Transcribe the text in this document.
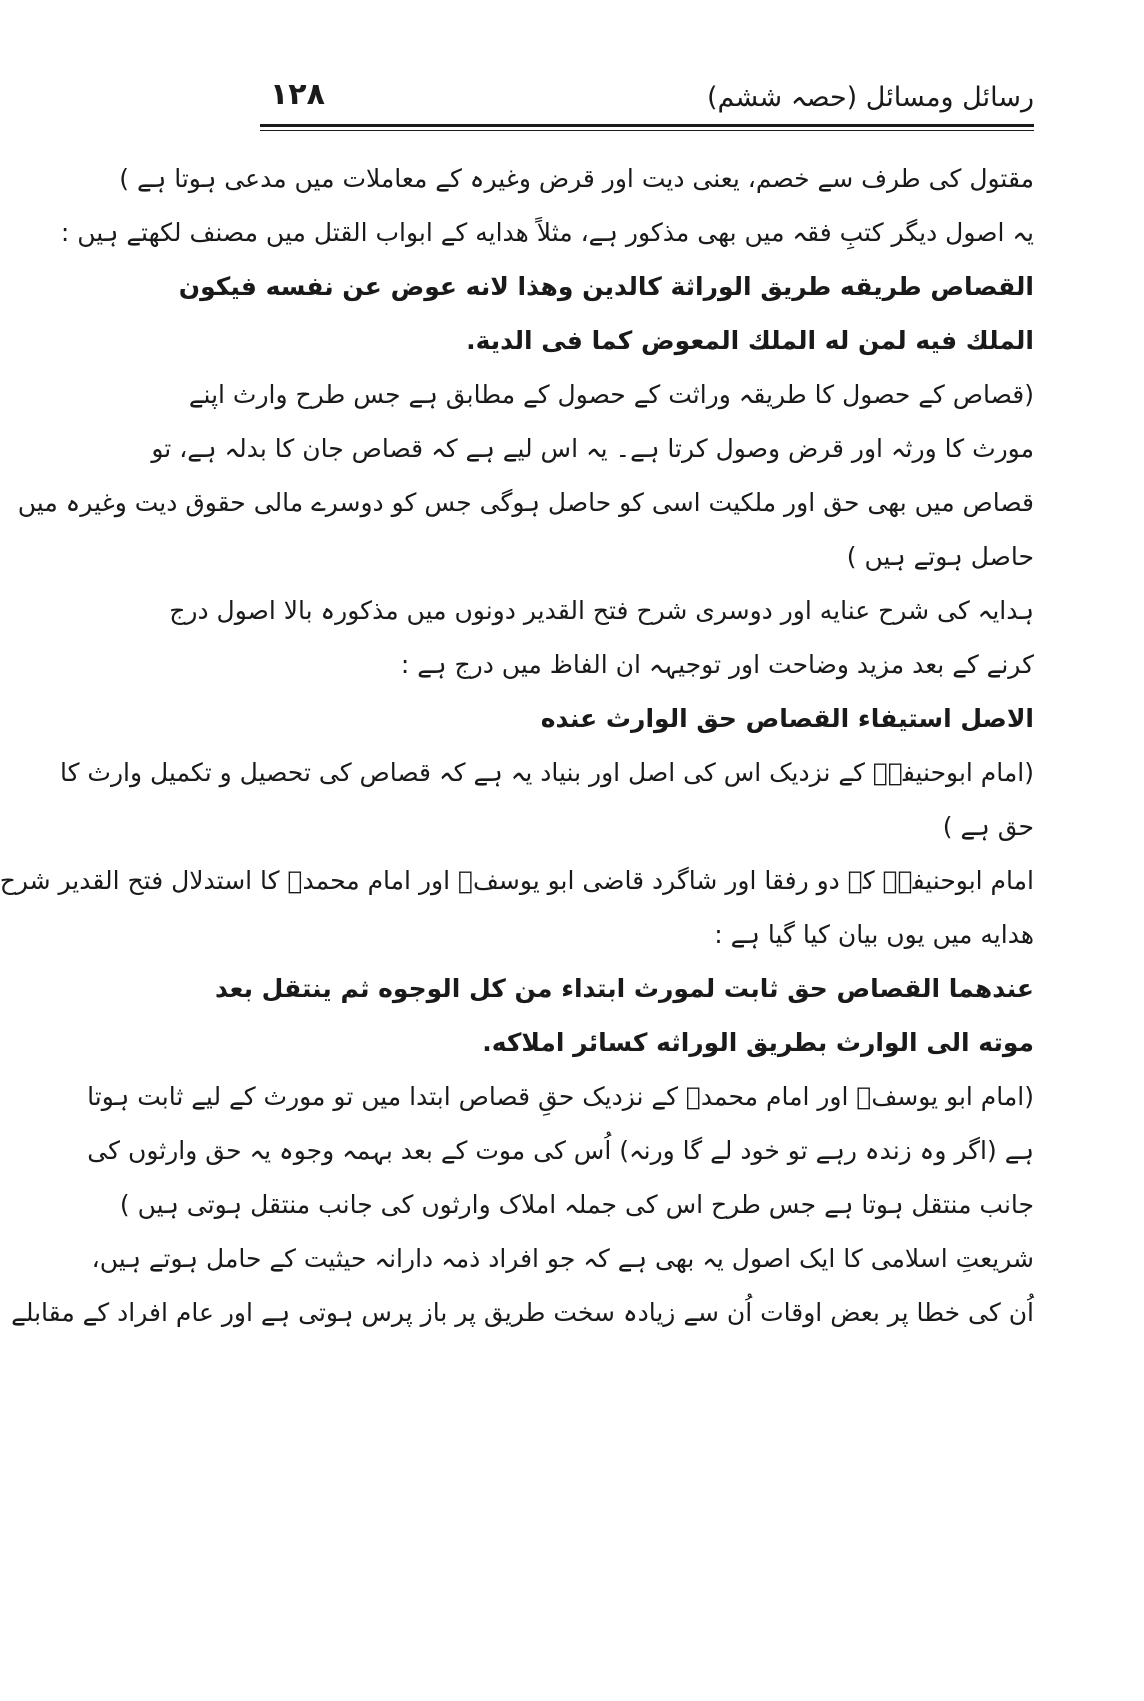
رسائل ومسائل (حصہ ششم)
۱۲۸
مقتول کی طرف سے خصم، یعنی دیت اور قرض وغیرہ کے معاملات میں مدعی ہوتا ہے )
یہ اصول دیگر کتبِ فقہ میں بھی مذکور ہے، مثلاً هدایه کے ابواب القتل میں مصنف لکھتے ہیں :
القصاص طريقه طريق الوراثة كالدين وهذا لانه عوض عن نفسه فيكون
الملك فيه لمن له الملك المعوض كما فى الدية.
(قصاص کے حصول کا طریقہ وراثت کے حصول کے مطابق ہے جس طرح وارث اپنے
مورث کا ورثہ اور قرض وصول کرتا ہے۔ یہ اس لیے ہے کہ قصاص جان کا بدلہ ہے، تو
قصاص میں بھی حق اور ملکیت اسی کو حاصل ہوگی جس کو دوسرے مالی حقوق دیت وغیرہ میں
حاصل ہوتے ہیں )
ہدایہ کی شرح عنایه اور دوسری شرح فتح القدیر دونوں میں مذکورہ بالا اصول درج
کرنے کے بعد مزید وضاحت اور توجیہہ ان الفاظ میں درج ہے :
الاصل استيفاء القصاص حق الوارث عنده
(امام ابوحنیفہؒ کے نزدیک اس کی اصل اور بنیاد یہ ہے کہ قصاص کی تحصیل و تکمیل وارث کا
حق ہے )
امام ابوحنیفہؒ کے دو رفقا اور شاگرد قاضی ابو یوسفؒ اور امام محمدؒ کا استدلال فتح القدیر شرح
هدایه میں یوں بیان کیا گیا ہے :
عندهما القصاص حق ثابت لمورث ابتداء من كل الوجوه ثم ينتقل بعد
موته الى الوارث بطريق الوراثه كسائر املاكه.
(امام ابو یوسفؒ اور امام محمدؒ کے نزدیک حقِ قصاص ابتدا میں تو مورث کے لیے ثابت ہوتا
ہے (اگر وہ زندہ رہے تو خود لے گا ورنہ) اُس کی موت کے بعد بہمہ وجوہ یہ حق وارثوں کی
جانب منتقل ہوتا ہے جس طرح اس کی جملہ املاک وارثوں کی جانب منتقل ہوتی ہیں )
شریعتِ اسلامی کا ایک اصول یہ بھی ہے کہ جو افراد ذمہ دارانہ حیثیت کے حامل ہوتے ہیں،
اُن کی خطا پر بعض اوقات اُن سے زیادہ سخت طریق پر باز پرس ہوتی ہے اور عام افراد کے مقابلے
